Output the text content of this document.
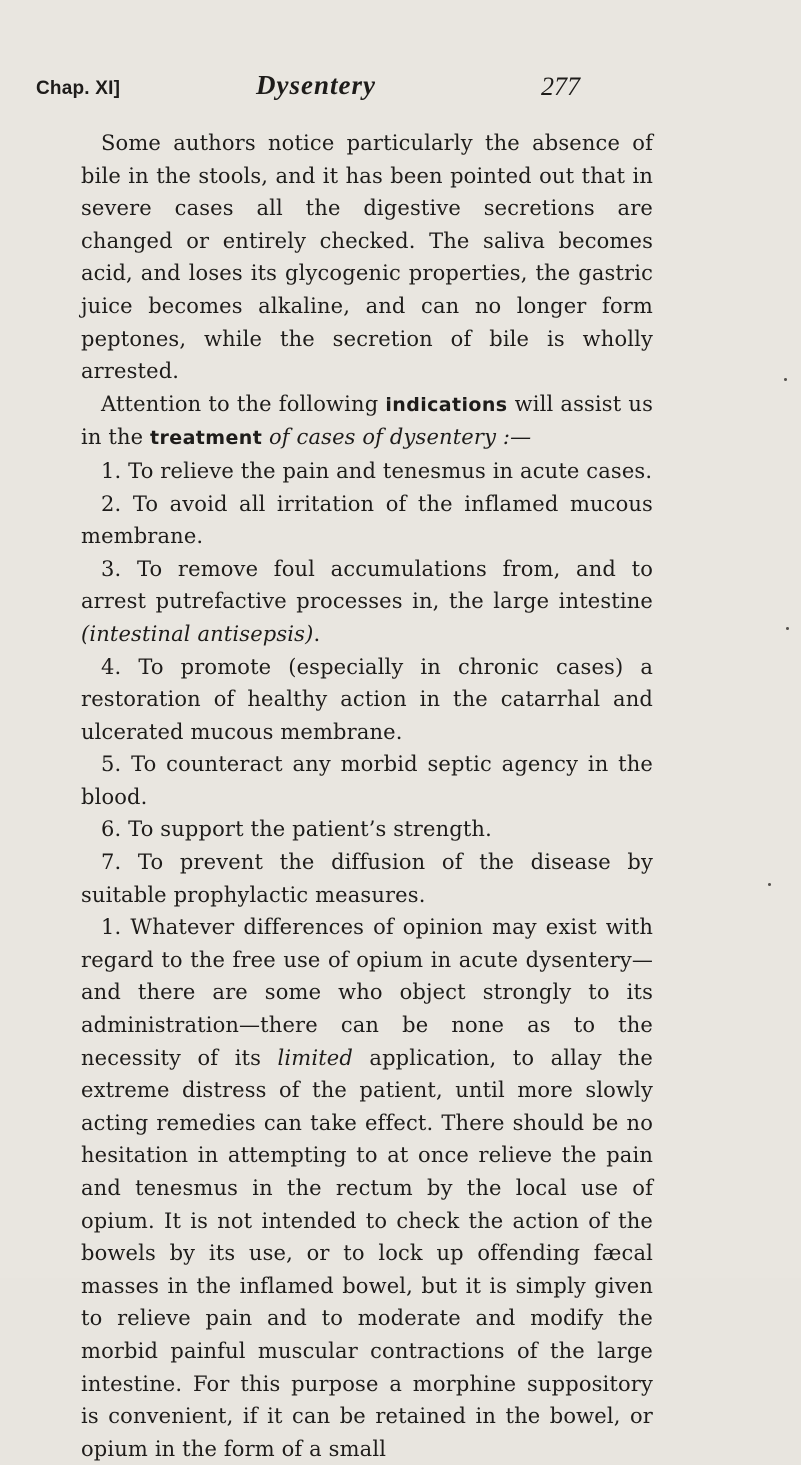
Chap. XI]	Dysentery	277

Some authors notice particularly the absence of bile in the stools, and it has been pointed out that in severe cases all the digestive secretions are changed or entirely checked. The saliva becomes acid, and loses its glycogenic properties, the gastric juice becomes alkaline, and can no longer form peptones, while the secretion of bile is wholly arrested.

Attention to the following indications will assist us in the treatment of cases of dysentery :—

1. To relieve the pain and tenesmus in acute cases.

2. To avoid all irritation of the inflamed mucous membrane.

3. To remove foul accumulations from, and to arrest putrefactive processes in, the large intestine (intestinal antisepsis).

4. To promote (especially in chronic cases) a restoration of healthy action in the catarrhal and ulcerated mucous membrane.

5. To counteract any morbid septic agency in the blood.

6. To support the patient’s strength.

7. To prevent the diffusion of the disease by suitable prophylactic measures.

1. Whatever differences of opinion may exist with regard to the free use of opium in acute dysentery— and there are some who object strongly to its administration—there can be none as to the necessity of its limited application, to allay the extreme distress of the patient, until more slowly acting remedies can take effect. There should be no hesitation in attempting to at once relieve the pain and tenesmus in the rectum by the local use of opium. It is not intended to check the action of the bowels by its use, or to lock up offending fæcal masses in the inflamed bowel, but it is simply given to relieve pain and to moderate and modify the morbid painful muscular contractions of the large intestine. For this purpose a morphine suppository is convenient, if it can be retained in the bowel, or opium in the form of a small
